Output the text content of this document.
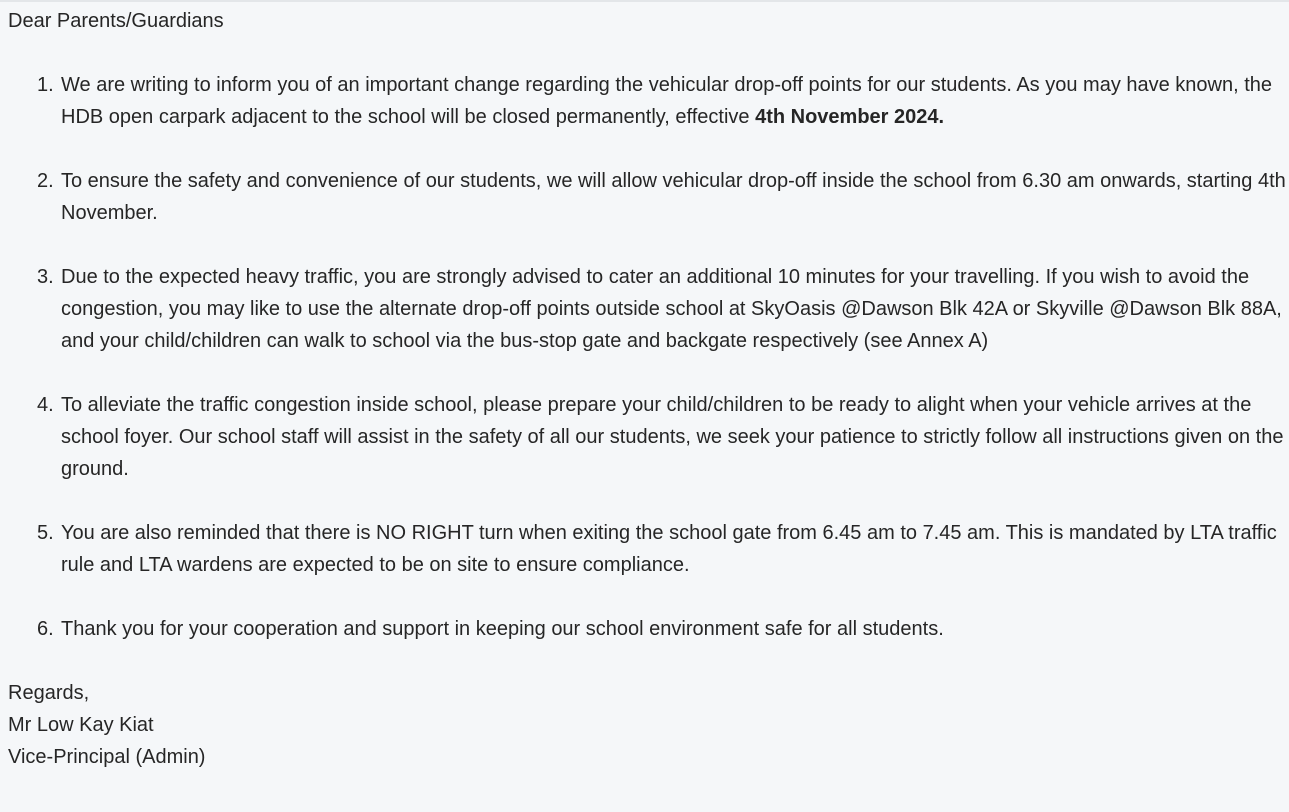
Dear Parents/Guardians

1. We are writing to inform you of an important change regarding the vehicular drop-off points for our students. As you may have known, the HDB open carpark adjacent to the school will be closed permanently, effective 4th November 2024.
2. To ensure the safety and convenience of our students, we will allow vehicular drop-off inside the school from 6.30 am onwards, starting 4th November.
3. Due to the expected heavy traffic, you are strongly advised to cater an additional 10 minutes for your travelling. If you wish to avoid the congestion, you may like to use the alternate drop-off points outside school at SkyOasis @Dawson Blk 42A or Skyville @Dawson Blk 88A, and your child/children can walk to school via the bus-stop gate and backgate respectively (see Annex A)
4. To alleviate the traffic congestion inside school, please prepare your child/children to be ready to alight when your vehicle arrives at the school foyer. Our school staff will assist in the safety of all our students, we seek your patience to strictly follow all instructions given on the ground.
5. You are also reminded that there is NO RIGHT turn when exiting the school gate from 6.45 am to 7.45 am. This is mandated by LTA traffic rule and LTA wardens are expected to be on site to ensure compliance.
6. Thank you for your cooperation and support in keeping our school environment safe for all students.

Regards,

Mr Low Kay Kiat

Vice-Principal (Admin)
